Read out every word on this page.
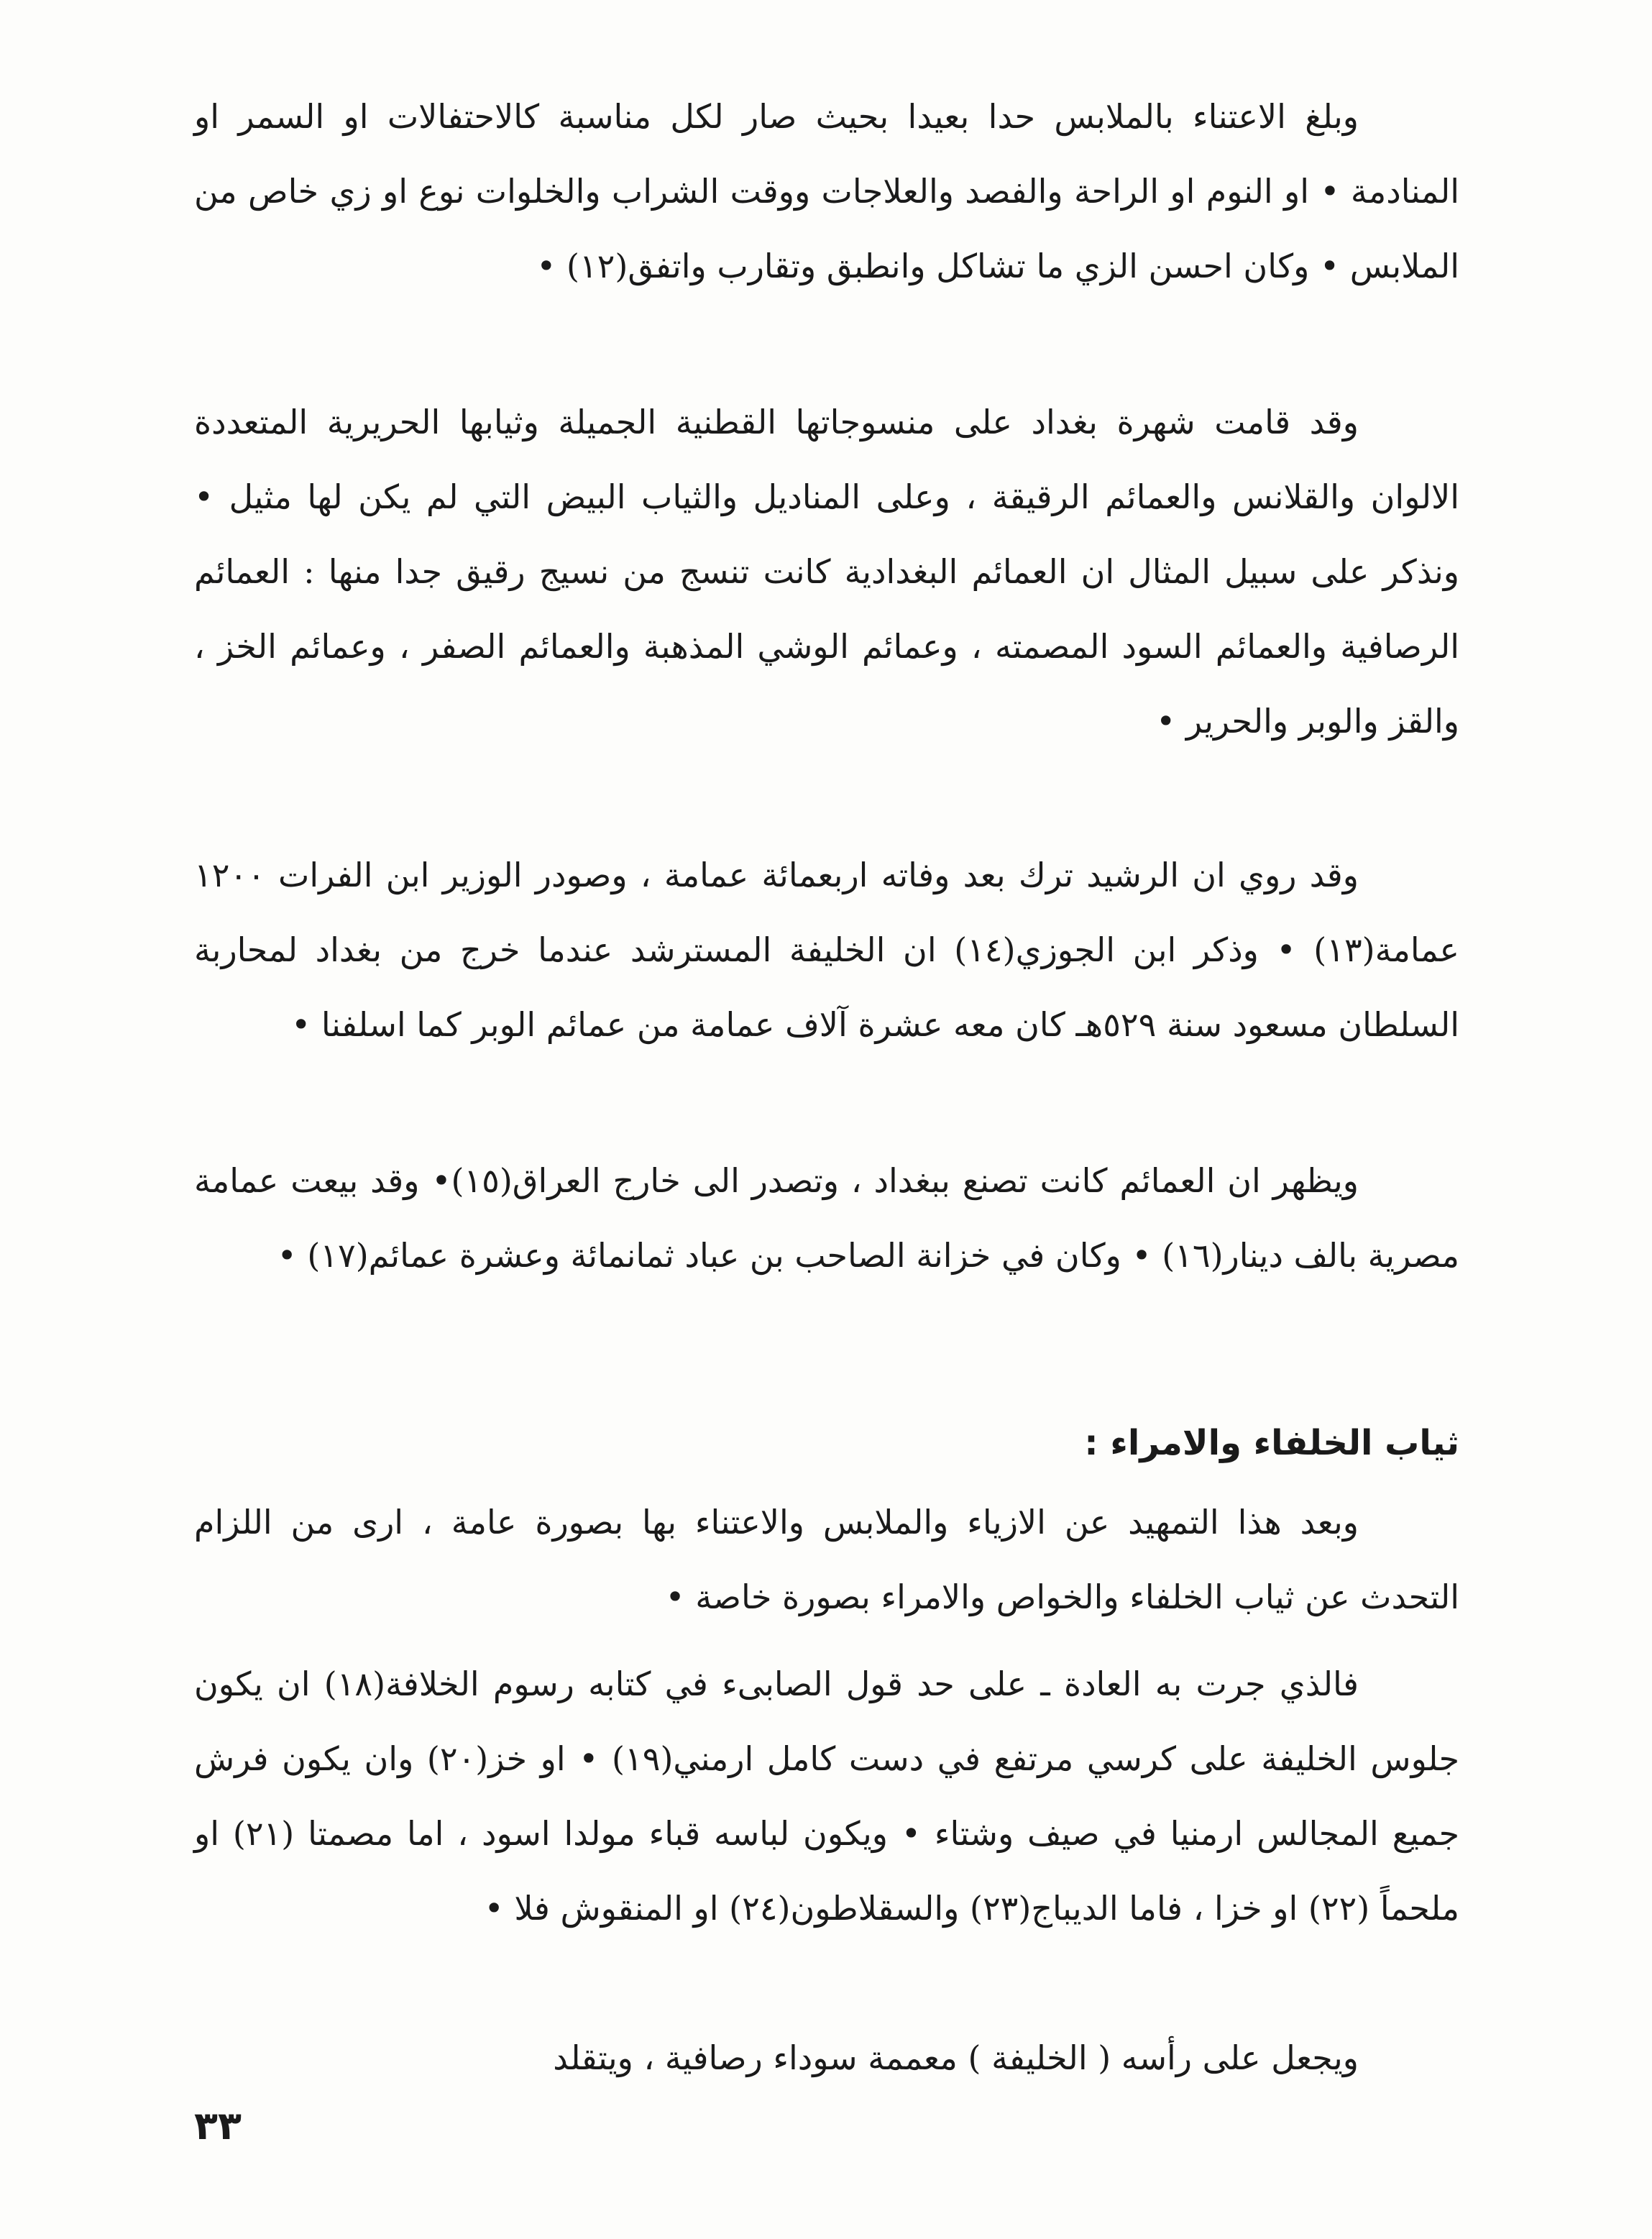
وبلغ الاعتناء بالملابس حدا بعيدا بحيث صار لكل مناسبة كالاحتفالات او السمر او المنادمة • او النوم او الراحة والفصد والعلاجات ووقت الشراب والخلوات نوع او زي خاص من الملابس • وكان احسن الزي ما تشاكل وانطبق وتقارب واتفق(١٢) •

وقد قامت شهرة بغداد على منسوجاتها القطنية الجميلة وثيابها الحريرية المتعددة الالوان والقلانس والعمائم الرقيقة ، وعلى المناديل والثياب البيض التي لم يكن لها مثيل • ونذكر على سبيل المثال ان العمائم البغدادية كانت تنسج من نسيج رقيق جدا منها : العمائم الرصافية والعمائم السود المصمته ، وعمائم الوشي المذهبة والعمائم الصفر ، وعمائم الخز ، والقز والوبر والحرير •

وقد روي ان الرشيد ترك بعد وفاته اربعمائة عمامة ، وصودر الوزير ابن الفرات ١٢٠٠ عمامة(١٣) • وذكر ابن الجوزي(١٤) ان الخليفة المسترشد عندما خرج من بغداد لمحاربة السلطان مسعود سنة ٥٢٩هـ كان معه عشرة آلاف عمامة من عمائم الوبر كما اسلفنا •

ويظهر ان العمائم كانت تصنع ببغداد ، وتصدر الى خارج العراق(١٥)• وقد بيعت عمامة مصرية بالف دينار(١٦) • وكان في خزانة الصاحب بن عباد ثمانمائة وعشرة عمائم(١٧) •

ثياب الخلفاء والامراء :

وبعد هذا التمهيد عن الازياء والملابس والاعتناء بها بصورة عامة ، ارى من اللزام التحدث عن ثياب الخلفاء والخواص والامراء بصورة خاصة •

فالذي جرت به العادة ـ على حد قول الصابىء في كتابه رسوم الخلافة(١٨) ان يكون جلوس الخليفة على كرسي مرتفع في دست كامل ارمني(١٩) • او خز(٢٠) وان يكون فرش جميع المجالس ارمنيا في صيف وشتاء • ويكون لباسه قباء مولدا اسود ، اما مصمتا (٢١) او ملحماً (٢٢) او خزا ، فاما الديباج(٢٣) والسقلاطون(٢٤) او المنقوش فلا •

ويجعل على رأسه ( الخليفة ) معممة سوداء رصافية ، ويتقلد

٣٣
